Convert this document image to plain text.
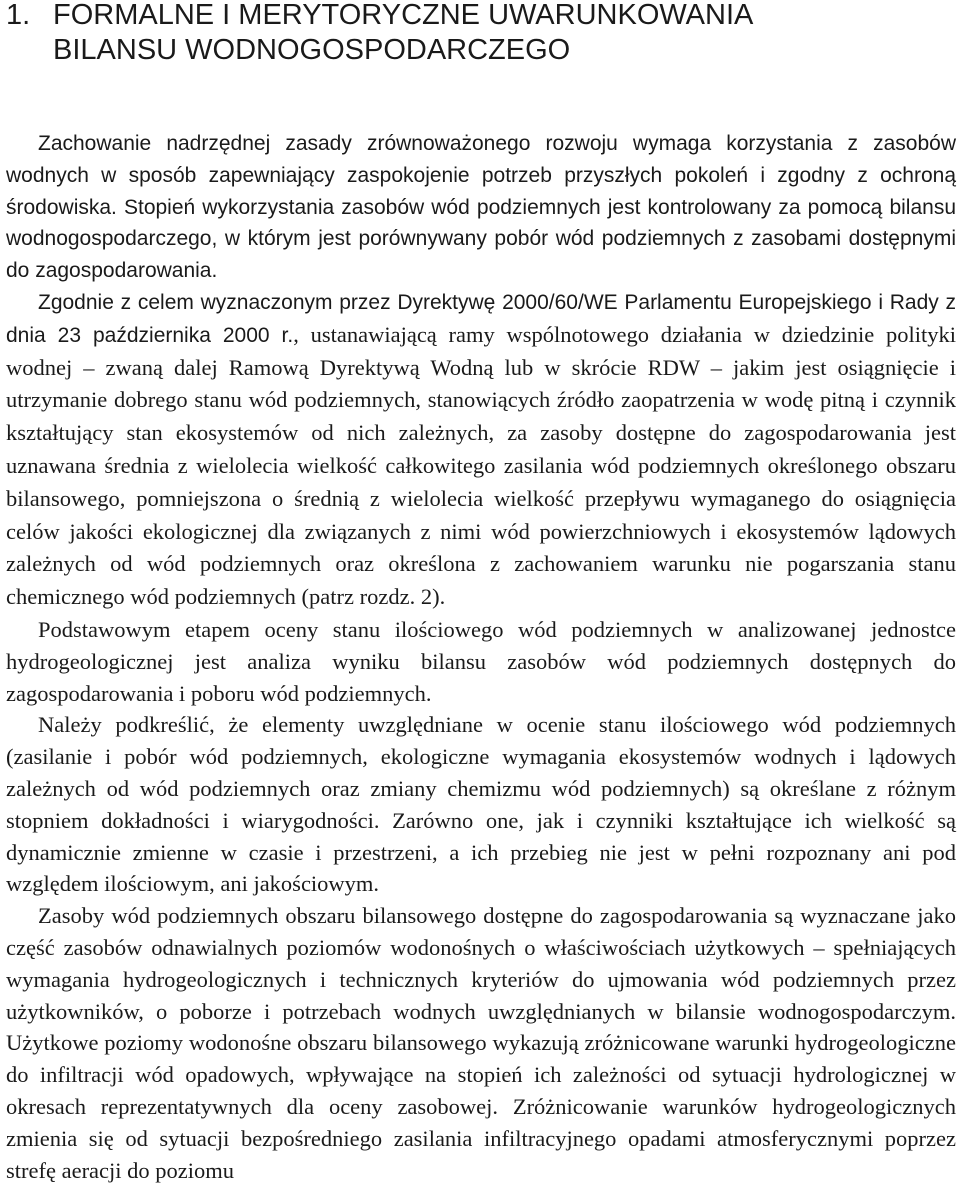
1. FORMALNE I MERYTORYCZNE UWARUNKOWANIA
BILANSU WODNOGOSPODARCZEGO

Zachowanie nadrzędnej zasady zrównoważonego rozwoju wymaga korzystania z zasobów wodnych w sposób zapewniający zaspokojenie potrzeb przyszłych pokoleń i zgodny z ochroną środowiska. Stopień wykorzystania zasobów wód podziemnych jest kontrolowany za pomocą bilansu wodnogospodarczego, w którym jest porównywany pobór wód podziemnych z zasobami dostępnymi do zagospodarowania.

Zgodnie z celem wyznaczonym przez Dyrektywę 2000/60/WE Parlamentu Europejskiego i Rady z dnia 23 października 2000 r., ustanawiającą ramy wspólnotowego działania w dziedzinie polityki wodnej – zwaną dalej Ramową Dyrektywą Wodną lub w skrócie RDW – jakim jest osiągnięcie i utrzymanie dobrego stanu wód podziemnych, stanowiących źródło zaopatrzenia w wodę pitną i czynnik kształtujący stan ekosystemów od nich zależnych, za zasoby dostępne do zagospodarowania jest uznawana średnia z wielolecia wielkość całkowitego zasilania wód podziemnych określonego obszaru bilansowego, pomniejszona o średnią z wielolecia wielkość przepływu wymaganego do osiągnięcia celów jakości ekologicznej dla związanych z nimi wód powierzchniowych i ekosystemów lądowych zależnych od wód podziemnych oraz określona z zachowaniem warunku nie pogarszania stanu chemicznego wód podziemnych (patrz rozdz. 2).

Podstawowym etapem oceny stanu ilościowego wód podziemnych w analizowanej jednostce hydrogeologicznej jest analiza wyniku bilansu zasobów wód podziemnych dostępnych do zagospodarowania i poboru wód podziemnych.

Należy podkreślić, że elementy uwzględniane w ocenie stanu ilościowego wód podziemnych (zasilanie i pobór wód podziemnych, ekologiczne wymagania ekosystemów wodnych i lądowych zależnych od wód podziemnych oraz zmiany chemizmu wód podziemnych) są określane z różnym stopniem dokładności i wiarygodności. Zarówno one, jak i czynniki kształtujące ich wielkość są dynamicznie zmienne w czasie i przestrzeni, a ich przebieg nie jest w pełni rozpoznany ani pod względem ilościowym, ani jakościowym.

Zasoby wód podziemnych obszaru bilansowego dostępne do zagospodarowania są wyznaczane jako część zasobów odnawialnych poziomów wodonośnych o właściwościach użytkowych – spełniających wymagania hydrogeologicznych i technicznych kryteriów do ujmowania wód podziemnych przez użytkowników, o poborze i potrzebach wodnych uwzględnianych w bilansie wodnogospodarczym. Użytkowe poziomy wodonośne obszaru bilansowego wykazują zróżnicowane warunki hydrogeologiczne do infiltracji wód opadowych, wpływające na stopień ich zależności od sytuacji hydrologicznej w okresach reprezentatywnych dla oceny zasobowej. Zróżnicowanie warunków hydrogeologicznych zmienia się od sytuacji bezpośredniego zasilania infiltracyjnego opadami atmosferycznymi poprzez strefę aeracji do poziomu
